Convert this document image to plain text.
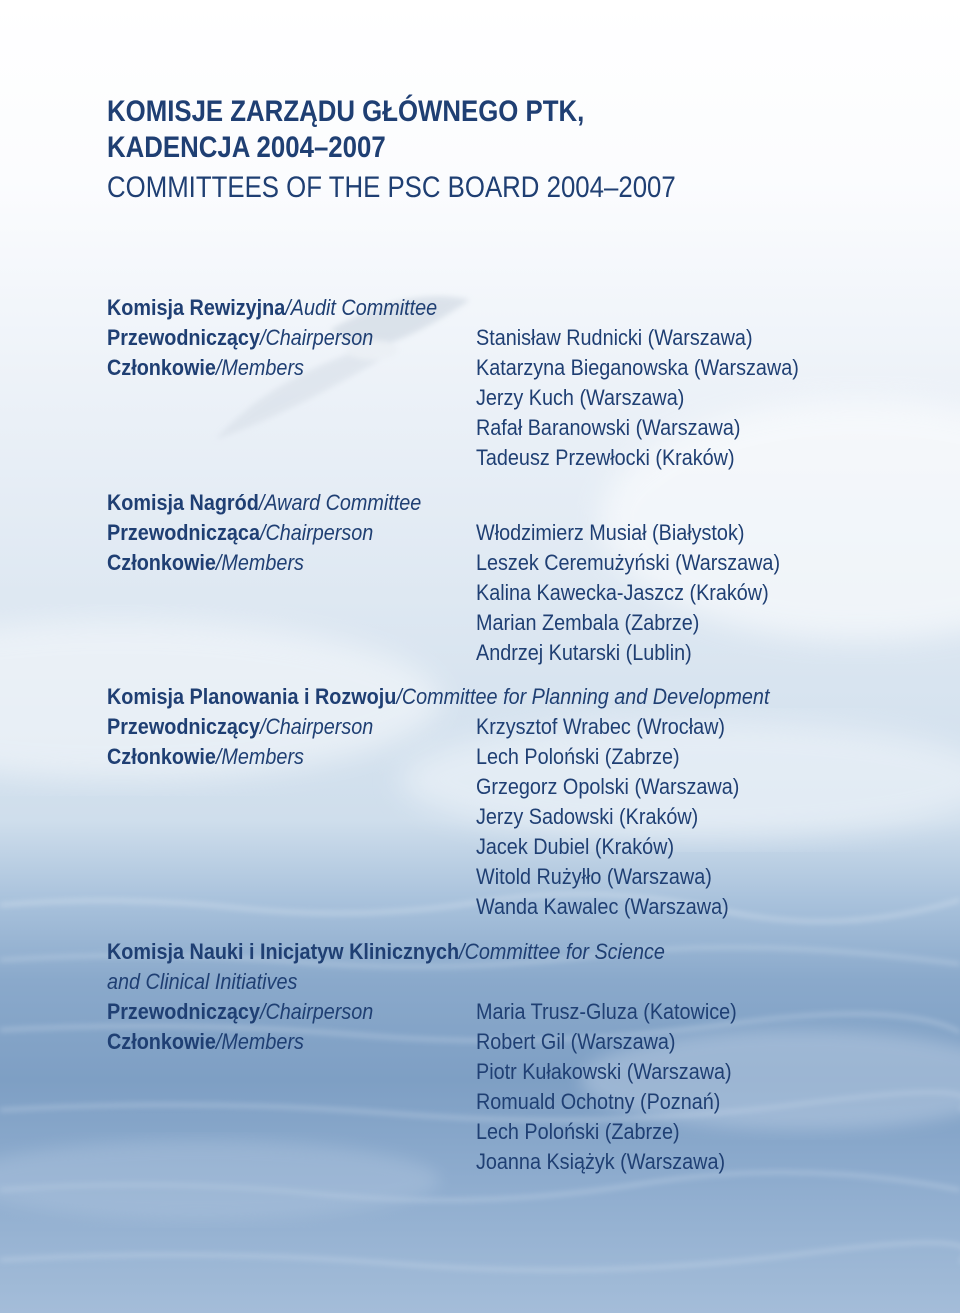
KOMISJE ZARZĄDU GŁÓWNEGO PTK,
KADENCJA 2004–2007
COMMITTEES OF THE PSC BOARD 2004–2007
Komisja Rewizyjna/Audit Committee
Przewodniczący/Chairperson	Stanisław Rudnicki (Warszawa)
Członkowie/Members	Katarzyna Bieganowska (Warszawa)
Jerzy Kuch (Warszawa)
Rafał Baranowski (Warszawa)
Tadeusz Przewłocki (Kraków)
Komisja Nagród/Award Committee
Przewodnicząca/Chairperson	Włodzimierz Musiał (Białystok)
Członkowie/Members	Leszek Ceremużyński (Warszawa)
Kalina Kawecka-Jaszcz (Kraków)
Marian Zembala (Zabrze)
Andrzej Kutarski (Lublin)
Komisja Planowania i Rozwoju/Committee for Planning and Development
Przewodniczący/Chairperson	Krzysztof Wrabec (Wrocław)
Członkowie/Members	Lech Poloński (Zabrze)
Grzegorz Opolski (Warszawa)
Jerzy Sadowski (Kraków)
Jacek Dubiel (Kraków)
Witold Rużyłło (Warszawa)
Wanda Kawalec (Warszawa)
Komisja Nauki i Inicjatyw Klinicznych/Committee for Science
and Clinical Initiatives
Przewodniczący/Chairperson	Maria Trusz-Gluza (Katowice)
Członkowie/Members	Robert Gil (Warszawa)
Piotr Kułakowski (Warszawa)
Romuald Ochotny (Poznań)
Lech Poloński (Zabrze)
Joanna Książyk (Warszawa)
